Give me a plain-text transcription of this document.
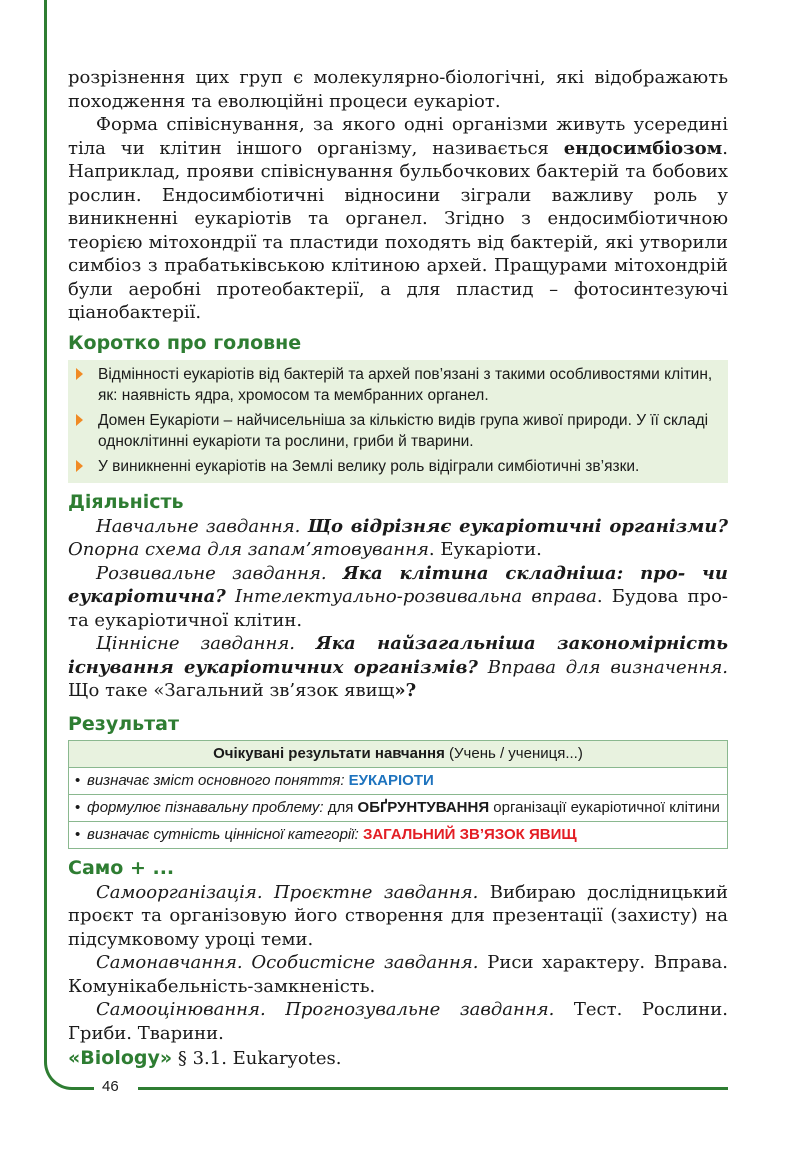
46

розрізнення цих груп є молекулярно-біологічні, які відображають походження та еволюційні процеси еукаріот.

Форма співіснування, за якого одні організми живуть усередині тіла чи клітин іншого організму, називається ендосимбіозом. Наприклад, прояви співіснування бульбочкових бактерій та бобових рослин. Ендосимбіотичні відносини зіграли важливу роль у виникненні еукаріотів та органел. Згідно з ендосимбіотичною теорією мітохондрії та пластиди походять від бактерій, які утворили симбіоз з прабатьківською клітиною архей. Пращурами мітохондрій були аеробні протеобактерії, а для пластид – фотосинтезуючі ціанобактерії.

Коротко про головне
Відмінності еукаріотів від бактерій та архей пов’язані з такими особливостями клітин, як: наявність ядра, хромосом та мембранних органел.
Домен Еукаріоти – найчисельніша за кількістю видів група живої природи. У її складі одноклітинні еукаріоти та рослини, гриби й тварини.
У виникненні еукаріотів на Землі велику роль відіграли симбіотичні зв’язки.
Діяльність

Навчальне завдання. Що відрізняє еукаріотичні організми? Опорна схема для запам’ятовування. Еукаріоти.

Розвивальне завдання. Яка клітина складніша: про- чи еукаріотична? Інтелектуально-розвивальна вправа. Будова про- та еукаріотичної клітин.

Ціннісне завдання. Яка найзагальніша закономірність існування еукаріотичних організмів? Вправа для визначення. Що таке «Загальний зв’язок явищ»?

Результат
Очікувані результати навчання (Учень / учениця...)

• визначає зміст основного поняття: ЕУКАРІОТИ

• формулює пізнавальну проблему: для ОБҐРУНТУВАННЯ організації еукаріотичної клітини

• визначає сутність ціннісної категорії: ЗАГАЛЬНИЙ ЗВ’ЯЗОК ЯВИЩ
Само + ...

Самоорганізація. Проєктне завдання. Вибираю дослідницький проєкт та організовую його створення для презентації (захисту) на підсумковому уроці теми.

Самонавчання. Особистісне завдання. Риси характеру. Вправа. Комунікабельність-замкненість.

Самооцінювання. Прогнозувальне завдання. Тест. Рослини. Гриби. Тварини.

«Biology» § 3.1. Eukaryotes.
